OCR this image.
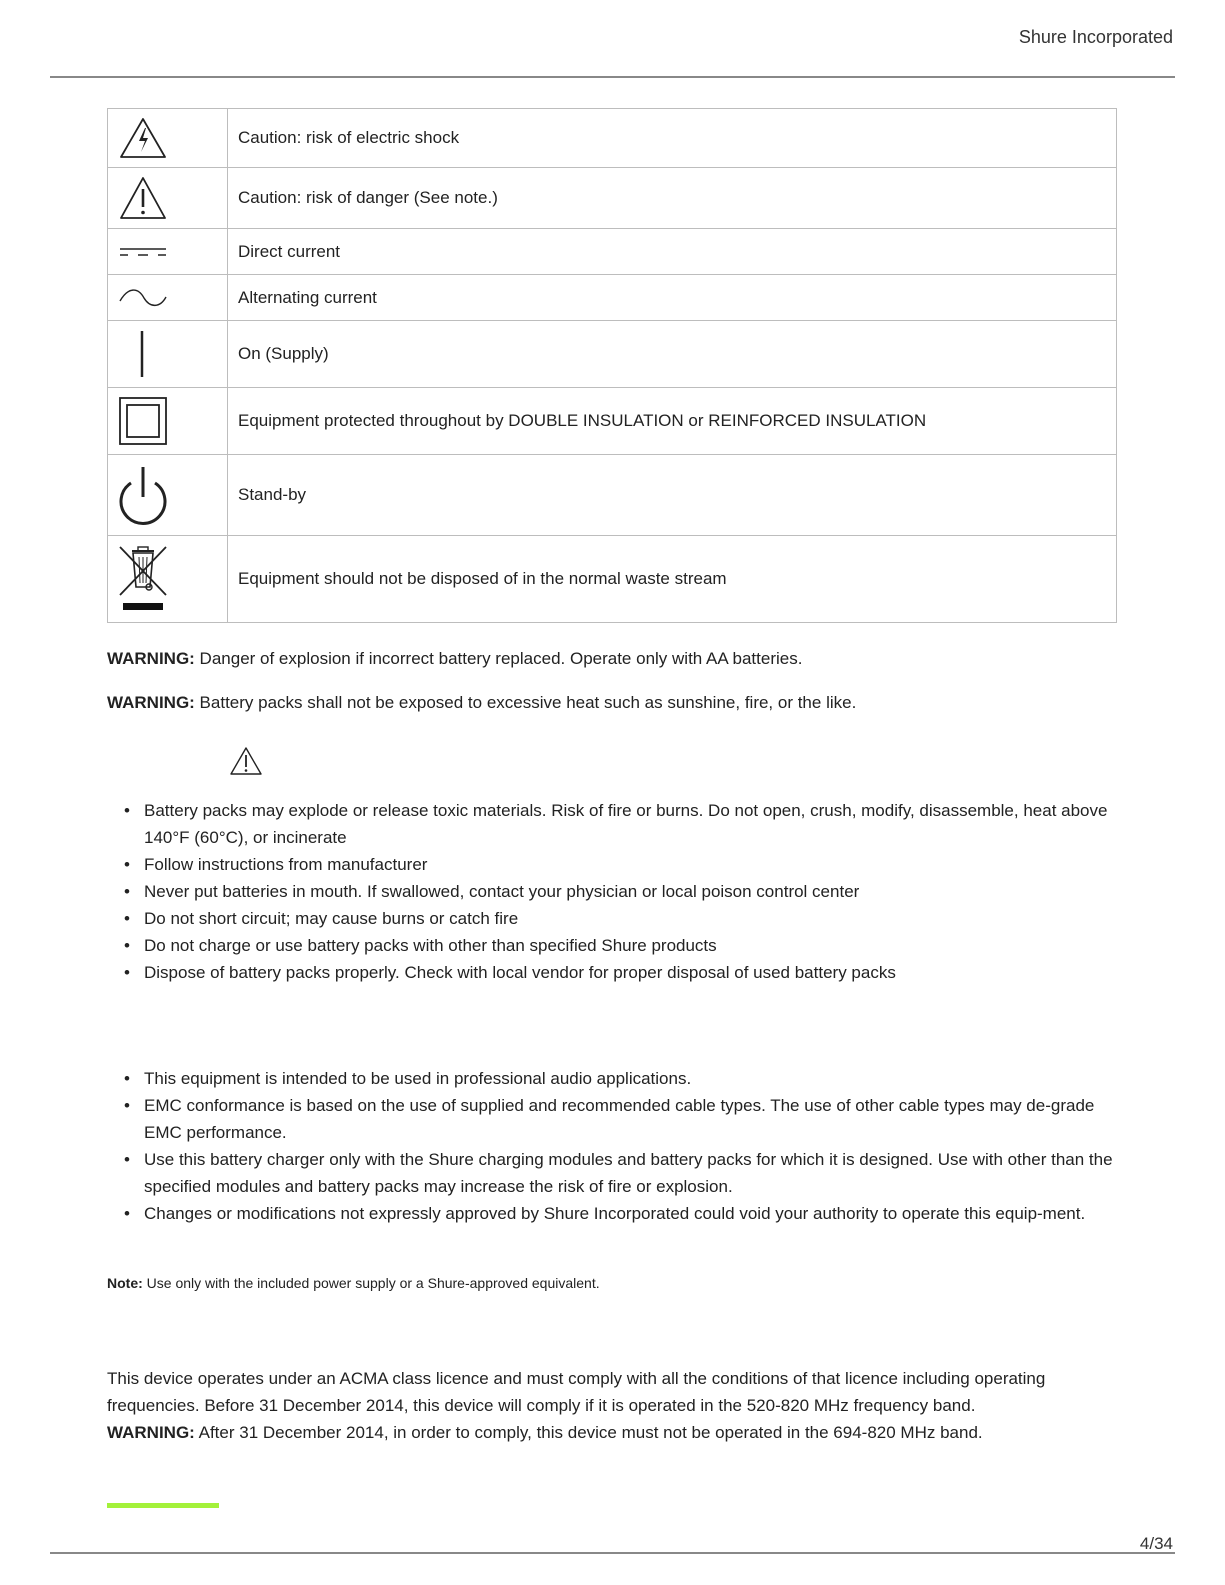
Shure Incorporated
	Caution: risk of electric shock

	Caution: risk of danger (See note.)

	Direct current

	Alternating current

	On (Supply)

	Equipment protected throughout by DOUBLE INSULATION or REINFORCED INSULATION

	Stand-by

	Equipment should not be disposed of in the normal waste stream

WARNING: Danger of explosion if incorrect battery replaced. Operate only with AA batteries.

WARNING: Battery packs shall not be exposed to excessive heat such as sunshine, fire, or the like.

• Battery packs may explode or release toxic materials. Risk of fire or burns. Do not open, crush, modify, disassemble, heat above 140°F (60°C), or incinerate
• Follow instructions from manufacturer
• Never put batteries in mouth. If swallowed, contact your physician or local poison control center
• Do not short circuit; may cause burns or catch fire
• Do not charge or use battery packs with other than specified Shure products
• Dispose of battery packs properly. Check with local vendor for proper disposal of used battery packs
• This equipment is intended to be used in professional audio applications.
• EMC conformance is based on the use of supplied and recommended cable types. The use of other cable types may de-grade EMC performance.
• Use this battery charger only with the Shure charging modules and battery packs for which it is designed. Use with other than the specified modules and battery packs may increase the risk of fire or explosion.
• Changes or modifications not expressly approved by Shure Incorporated could void your authority to operate this equip-ment.

Note: Use only with the included power supply or a Shure-approved equivalent.

This device operates under an ACMA class licence and must comply with all the conditions of that licence including operating frequencies. Before 31 December 2014, this device will comply if it is operated in the 520-820 MHz frequency band.
WARNING: After 31 December 2014, in order to comply, this device must not be operated in the 694-820 MHz band.

4/34
